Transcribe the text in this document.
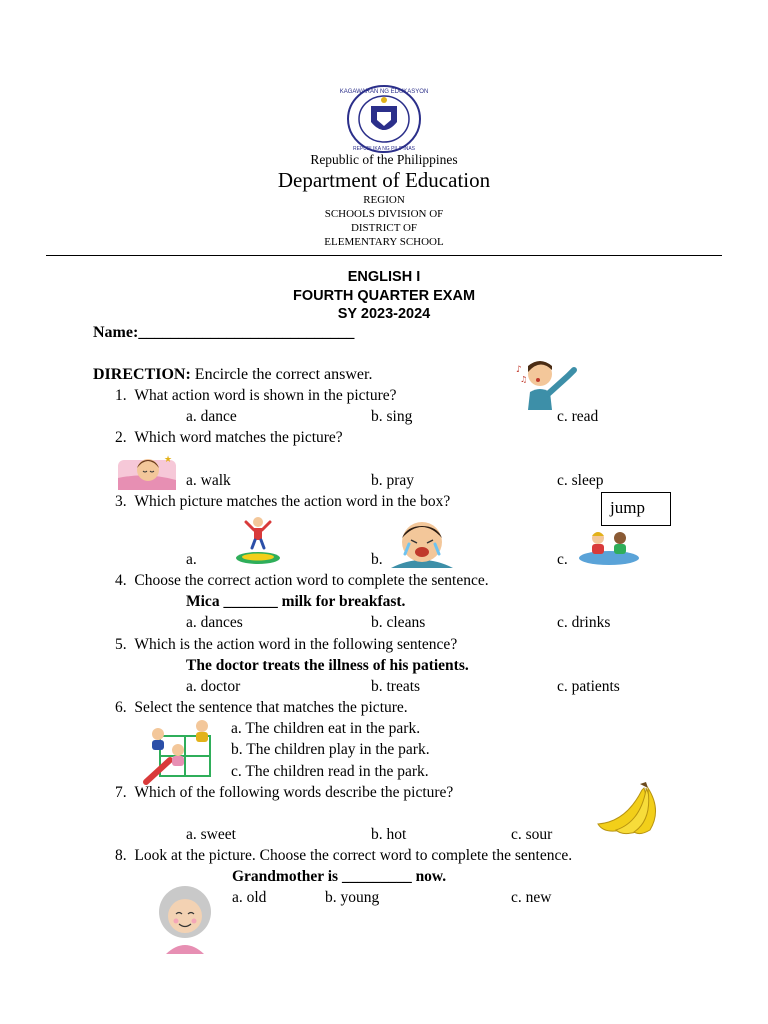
KAGAWARAN NG EDUKASYON
REPUBLIKA NG PILIPINAS
Republic of the Philippines
Department of Education
REGION
SCHOOLS DIVISION OF
DISTRICT OF
ELEMENTARY SCHOOL
ENGLISH I
FOURTH QUARTER EXAM
SY 2023-2024
Name:___________________________
DIRECTION: Encircle the correct answer.
1. What action word is shown in the picture?
a. dance	b. sing	c. read
♪
♫
2. Which word matches the picture?
★
a. walk	b. pray	c. sleep
3. Which picture matches the action word in the box?	jump
a.	b.	c.
4. Choose the correct action word to complete the sentence.
Mica _______ milk for breakfast.
a. dances	b. cleans	c. drinks
5. Which is the action word in the following sentence?
The doctor treats the illness of his patients.
a. doctor	b. treats	c. patients
6. Select the sentence that matches the picture.
a. The children eat in the park.
b. The children play in the park.
c. The children read in the park.
7. Which of the following words describe the picture?
a. sweet	b. hot	c. sour
8. Look at the picture. Choose the correct word to complete the sentence.
Grandmother is _________ now.
a. old	b. young	c. new
